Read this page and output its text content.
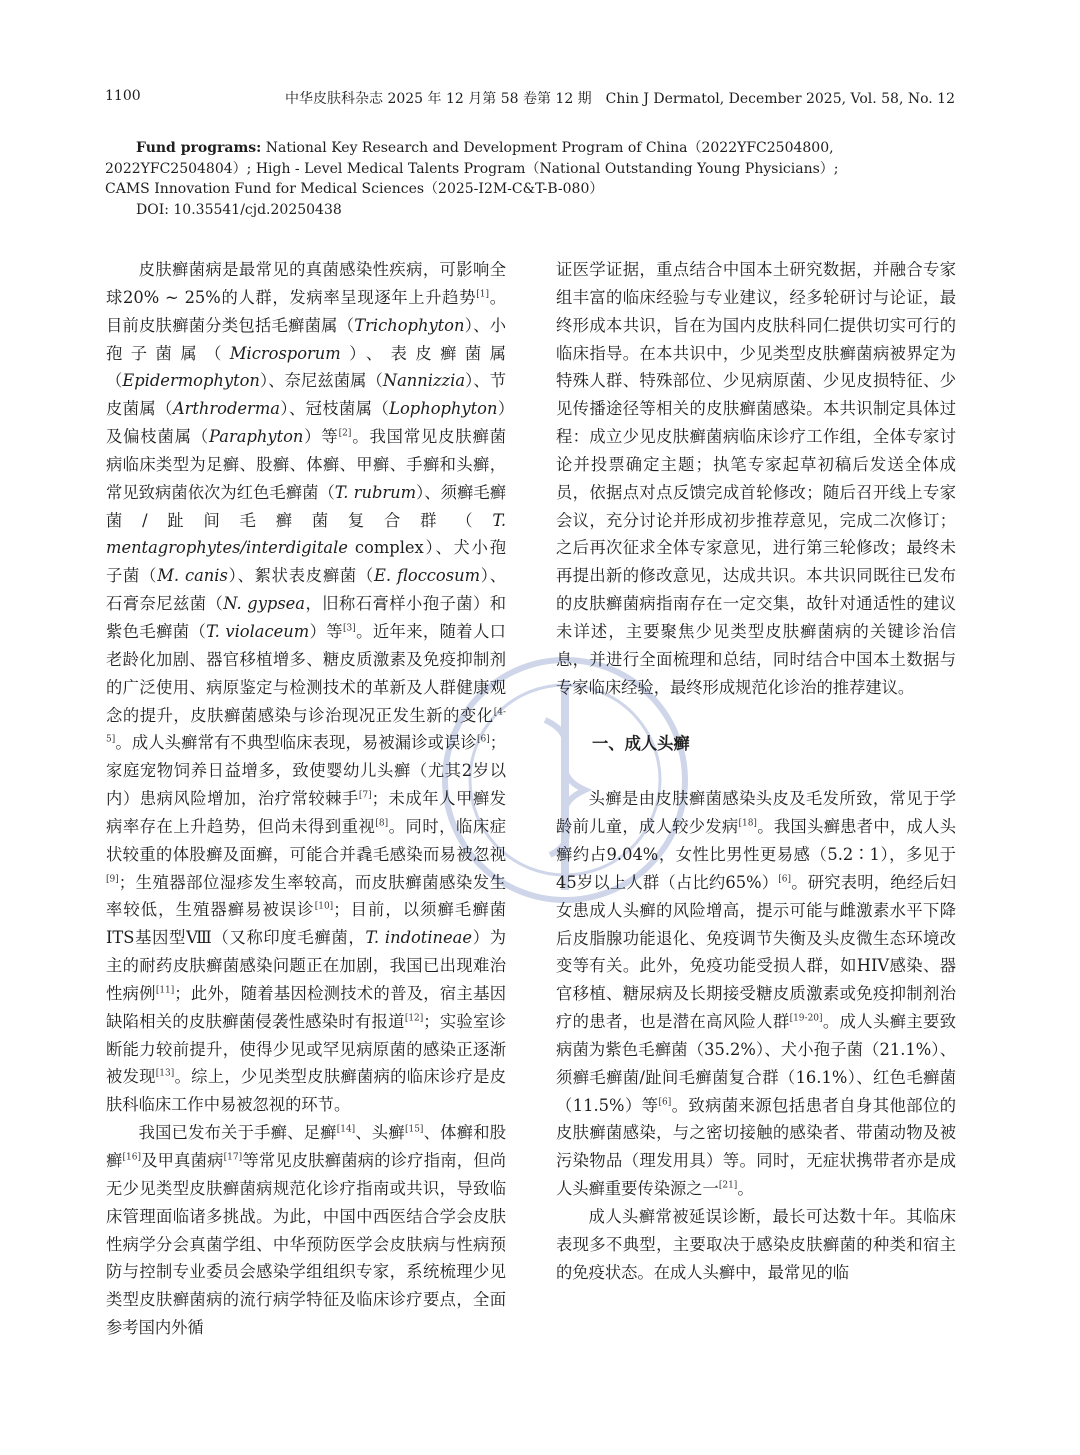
1100	中华皮肤科杂志 2025 年 12 月第 58 卷第 12 期　Chin J Dermatol, December 2025, Vol. 58, No. 12
Fund programs: National Key Research and Development Program of China（2022YFC2504800,
2022YFC2504804）; High - Level Medical Talents Program（National Outstanding Young Physicians）;
CAMS Innovation Fund for Medical Sciences（2025-I2M-C&T-B-080）
DOI: 10.35541/cjd.20250438

皮肤癣菌病是最常见的真菌感染性疾病，可影响全球20% ~ 25%的人群，发病率呈现逐年上升趋势[1]。目前皮肤癣菌分类包括毛癣菌属（Trichophyton）、小孢子菌属（Microsporum）、表皮癣菌属（Epidermophyton）、奈尼兹菌属（Nannizzia）、节皮菌属（Arthroderma）、冠枝菌属（Lophophyton）及偏枝菌属（Paraphyton）等[2]。我国常见皮肤癣菌病临床类型为足癣、股癣、体癣、甲癣、手癣和头癣，常见致病菌依次为红色毛癣菌（T. rubrum）、须癣毛癣菌/趾间毛癣菌复合群（T. mentagrophytes/interdigitale complex）、犬小孢子菌（M. canis）、絮状表皮癣菌（E. floccosum）、石膏奈尼兹菌（N. gypsea，旧称石膏样小孢子菌）和紫色毛癣菌（T. violaceum）等[3]。近年来，随着人口老龄化加剧、器官移植增多、糖皮质激素及免疫抑制剂的广泛使用、病原鉴定与检测技术的革新及人群健康观念的提升，皮肤癣菌感染与诊治现况正发生新的变化[4-5]。成人头癣常有不典型临床表现，易被漏诊或误诊[6]；家庭宠物饲养日益增多，致使婴幼儿头癣（尤其2岁以内）患病风险增加，治疗常较棘手[7]；未成年人甲癣发病率存在上升趋势，但尚未得到重视[8]。同时，临床症状较重的体股癣及面癣，可能合并毳毛感染而易被忽视[9]；生殖器部位湿疹发生率较高，而皮肤癣菌感染发生率较低，生殖器癣易被误诊[10]；目前，以须癣毛癣菌ITS基因型Ⅷ（又称印度毛癣菌，T. indotineae）为主的耐药皮肤癣菌感染问题正在加剧，我国已出现难治性病例[11]；此外，随着基因检测技术的普及，宿主基因缺陷相关的皮肤癣菌侵袭性感染时有报道[12]；实验室诊断能力较前提升，使得少见或罕见病原菌的感染正逐渐被发现[13]。综上，少见类型皮肤癣菌病的临床诊疗是皮肤科临床工作中易被忽视的环节。

我国已发布关于手癣、足癣[14]、头癣[15]、体癣和股癣[16]及甲真菌病[17]等常见皮肤癣菌病的诊疗指南，但尚无少见类型皮肤癣菌病规范化诊疗指南或共识，导致临床管理面临诸多挑战。为此，中国中西医结合学会皮肤性病学分会真菌学组、中华预防医学会皮肤病与性病预防与控制专业委员会感染学组组织专家，系统梳理少见类型皮肤癣菌病的流行病学特征及临床诊疗要点，全面参考国内外循

证医学证据，重点结合中国本土研究数据，并融合专家组丰富的临床经验与专业建议，经多轮研讨与论证，最终形成本共识，旨在为国内皮肤科同仁提供切实可行的临床指导。在本共识中，少见类型皮肤癣菌病被界定为特殊人群、特殊部位、少见病原菌、少见皮损特征、少见传播途径等相关的皮肤癣菌感染。本共识制定具体过程：成立少见皮肤癣菌病临床诊疗工作组，全体专家讨论并投票确定主题；执笔专家起草初稿后发送全体成员，依据点对点反馈完成首轮修改；随后召开线上专家会议，充分讨论并形成初步推荐意见，完成二次修订；之后再次征求全体专家意见，进行第三轮修改；最终未再提出新的修改意见，达成共识。本共识同既往已发布的皮肤癣菌病指南存在一定交集，故针对通适性的建议未详述，主要聚焦少见类型皮肤癣菌病的关键诊治信息，并进行全面梳理和总结，同时结合中国本土数据与专家临床经验，最终形成规范化诊治的推荐建议。

一、成人头癣

头癣是由皮肤癣菌感染头皮及毛发所致，常见于学龄前儿童，成人较少发病[18]。我国头癣患者中，成人头癣约占9.04%，女性比男性更易感（5.2∶1），多见于45岁以上人群（占比约65%）[6]。研究表明，绝经后妇女患成人头癣的风险增高，提示可能与雌激素水平下降后皮脂腺功能退化、免疫调节失衡及头皮微生态环境改变等有关。此外，免疫功能受损人群，如HIV感染、器官移植、糖尿病及长期接受糖皮质激素或免疫抑制剂治疗的患者，也是潜在高风险人群[19-20]。成人头癣主要致病菌为紫色毛癣菌（35.2%）、犬小孢子菌（21.1%）、须癣毛癣菌/趾间毛癣菌复合群（16.1%）、红色毛癣菌（11.5%）等[6]。致病菌来源包括患者自身其他部位的皮肤癣菌感染，与之密切接触的感染者、带菌动物及被污染物品（理发用具）等。同时，无症状携带者亦是成人头癣重要传染源之一[21]。

成人头癣常被延误诊断，最长可达数十年。其临床表现多不典型，主要取决于感染皮肤癣菌的种类和宿主的免疫状态。在成人头癣中，最常见的临
